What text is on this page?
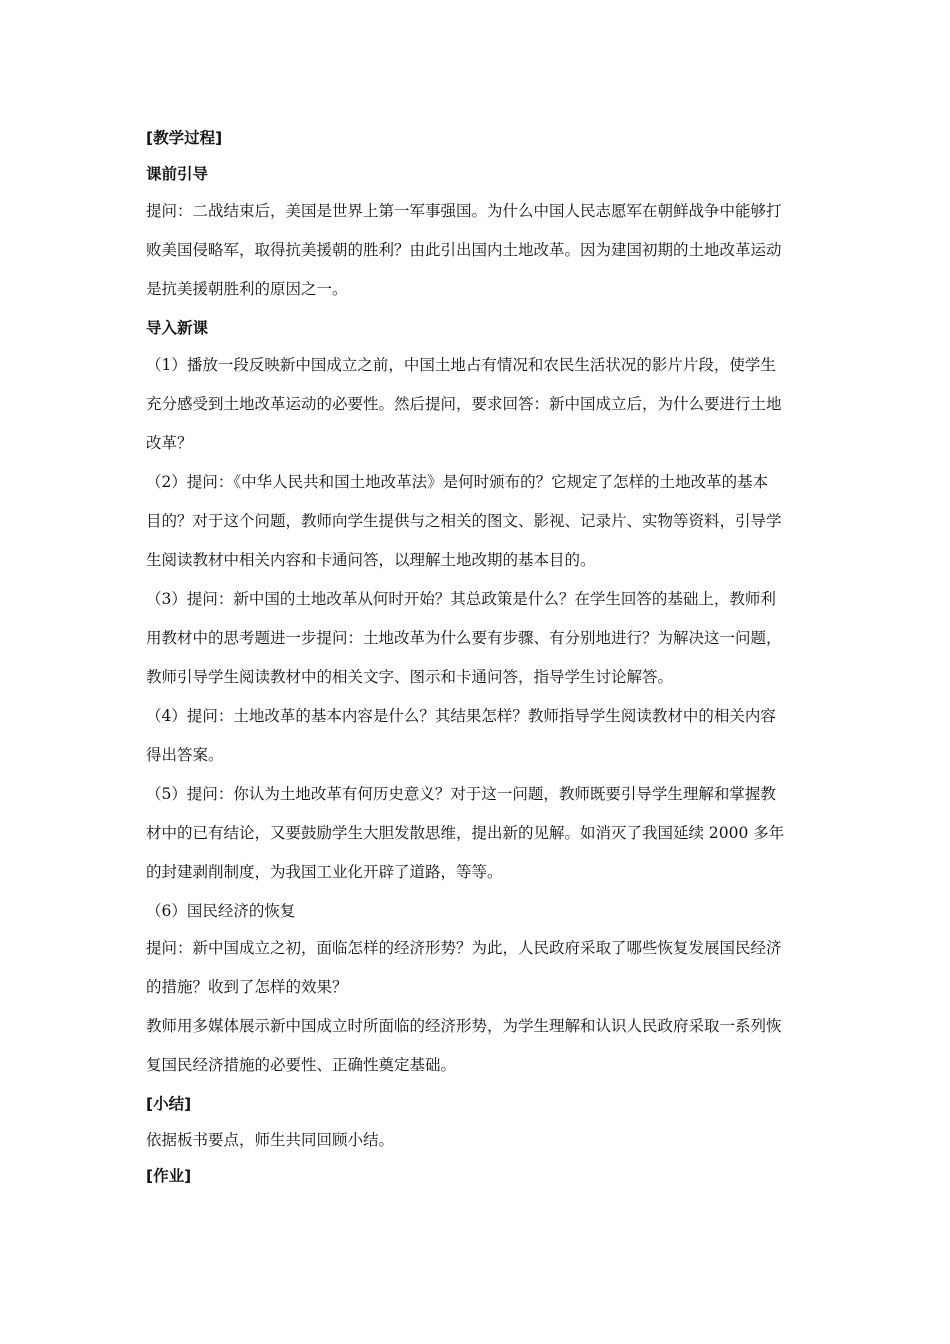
[教学过程]
课前引导
提问：二战结束后，美国是世界上第一军事强国。为什么中国人民志愿军在朝鲜战争中能够打
败美国侵略军，取得抗美援朝的胜利？由此引出国内土地改革。因为建国初期的土地改革运动
是抗美援朝胜利的原因之一。
导入新课
（1）播放一段反映新中国成立之前，中国土地占有情况和农民生活状况的影片片段，使学生
充分感受到土地改革运动的必要性。然后提问，要求回答：新中国成立后，为什么要进行土地
改革？
（2）提问：《中华人民共和国土地改革法》是何时颁布的？它规定了怎样的土地改革的基本
目的？对于这个问题，教师向学生提供与之相关的图文、影视、记录片、实物等资料，引导学
生阅读教材中相关内容和卡通问答，以理解土地改期的基本目的。
（3）提问：新中国的土地改革从何时开始？其总政策是什么？在学生回答的基础上，教师利
用教材中的思考题进一步提问：土地改革为什么要有步骤、有分别地进行？为解决这一问题，
教师引导学生阅读教材中的相关文字、图示和卡通问答，指导学生讨论解答。
（4）提问：土地改革的基本内容是什么？其结果怎样？教师指导学生阅读教材中的相关内容
得出答案。
（5）提问：你认为土地改革有何历史意义？对于这一问题，教师既要引导学生理解和掌握教
材中的已有结论，又要鼓励学生大胆发散思维，提出新的见解。如消灭了我国延续 2000 多年
的封建剥削制度，为我国工业化开辟了道路，等等。
（6）国民经济的恢复
提问：新中国成立之初，面临怎样的经济形势？为此，人民政府采取了哪些恢复发展国民经济
的措施？收到了怎样的效果？
教师用多媒体展示新中国成立时所面临的经济形势，为学生理解和认识人民政府采取一系列恢
复国民经济措施的必要性、正确性奠定基础。
[小结]
依据板书要点，师生共同回顾小结。
[作业]
